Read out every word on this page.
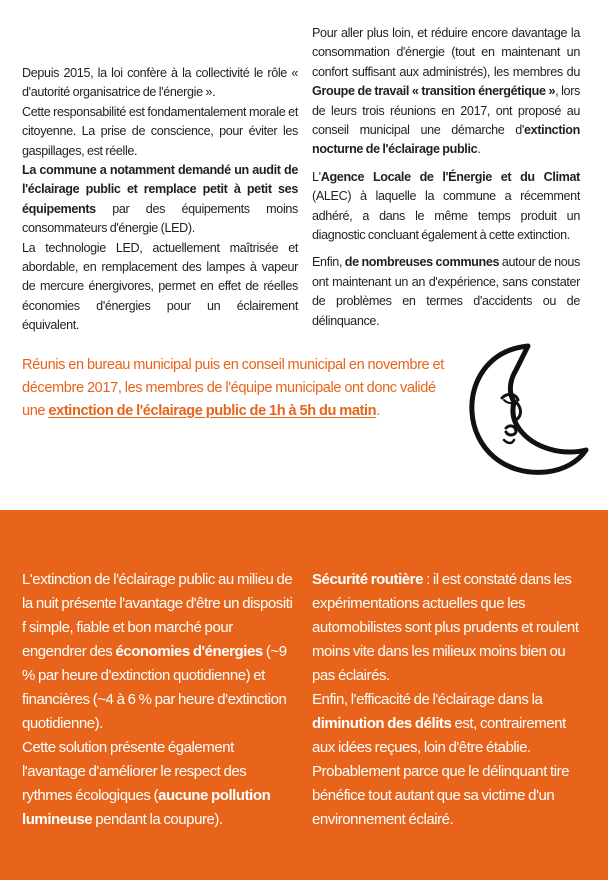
Depuis 2015, la loi confère à la collectivité le rôle « d'autorité organisatrice de l'énergie ».

Cette responsabilité est fondamentalement morale et citoyenne. La prise de conscience, pour éviter les gaspillages, est réelle.

La commune a notamment demandé un audit de l'éclairage public et remplace petit à petit ses équipements par des équipements moins consommateurs d'énergie (LED).

La technologie LED, actuellement maîtrisée et abordable, en remplacement des lampes à vapeur de mercure énergivores, permet en effet de réelles économies d'énergies pour un éclairement équivalent.

Pour aller plus loin, et réduire encore davantage la consommation d'énergie (tout en maintenant un confort suffisant aux administrés), les membres du Groupe de travail « transition énergétique », lors de leurs trois réunions en 2017, ont proposé au conseil municipal une démarche d'extinction nocturne de l'éclairage public.

L'Agence Locale de l'Énergie et du Climat (ALEC) à laquelle la commune a récemment adhéré, a dans le même temps produit un diagnostic concluant également à cette extinction.

Enfin, de nombreuses communes autour de nous ont maintenant un an d'expérience, sans constater de problèmes en termes d'accidents ou de délinquance.

Réunis en bureau municipal puis en conseil municipal en novembre et décembre 2017, les membres de l'équipe municipale ont donc validé une extinction de l'éclairage public de 1h à 5h du matin.

L'extinction de l'éclairage public au milieu de la nuit présente l'avantage d'être un dispositi f simple, fiable et bon marché pour engendrer des économies d'énergies (~9 % par heure d'extinction quotidienne) et financières (~4 à 6 % par heure d'extinction quotidienne).

Cette solution présente également l'avantage d'améliorer le respect des rythmes écologiques (aucune pollution lumineuse pendant la coupure).

Sécurité routière : il est constaté dans les expérimentations actuelles que les automobilistes sont plus prudents et roulent moins vite dans les milieux moins bien ou pas éclairés.

Enfin, l'efficacité de l'éclairage dans la diminution des délits est, contrairement aux idées reçues, loin d'être établie. Probablement parce que le délinquant tire bénéfice tout autant que sa victime d'un environnement éclairé.
